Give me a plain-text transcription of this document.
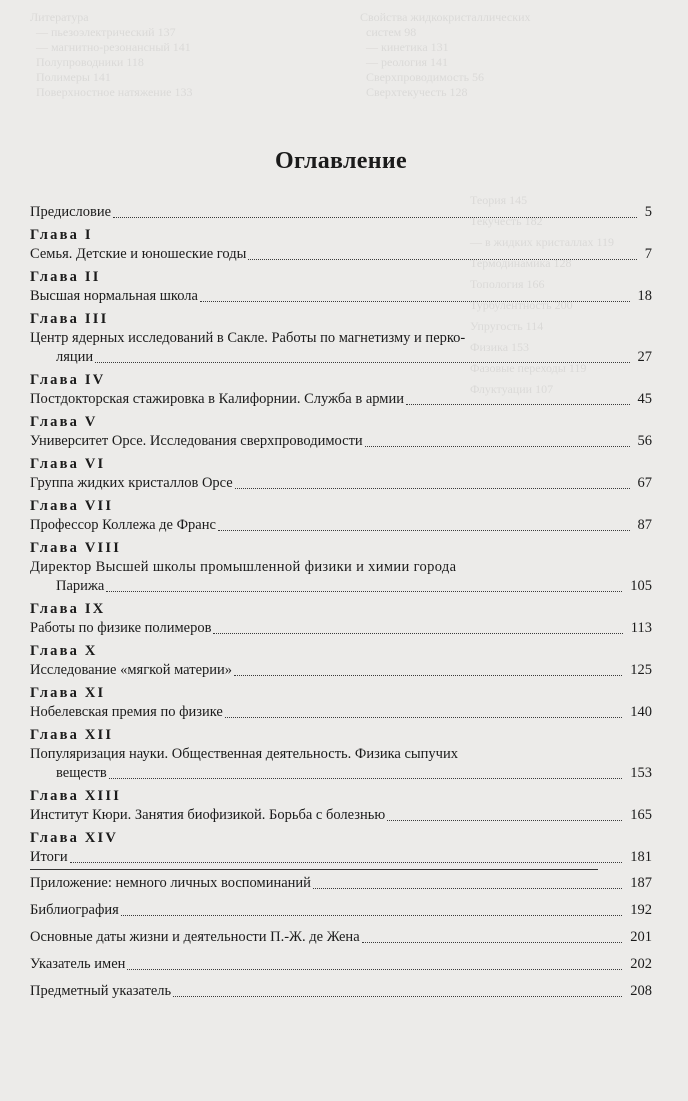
Литература
— пьезоэлектрический 137
— магнитно-резонансный 141
Полупроводники 118
Полимеры 141
Поверхностное натяжение 133
Свойства жидкокристаллических
систем 98
— кинетика 131
— реология 141
Сверхпроводимость 56
Сверхтекучесть 128
Теория 145
Текучесть 182
— в жидких кристаллах 119
Термодинамика 128
Топология 166
Турбулентность 200
Упругость 114
Физика 153
Фазовые переходы 119
Флуктуации 107
Оглавление
Предисловие	5
Глава I
Семья. Детские и юношеские годы	7
Глава II
Высшая нормальная школа	18
Глава III
Центр ядерных исследований в Сакле. Работы по магнетизму и перко-
ляции	27
Глава IV
Постдокторская стажировка в Калифорнии. Служба в армии	45
Глава V
Университет Орсе. Исследования сверхпроводимости	56
Глава VI
Группа жидких кристаллов Орсе	67
Глава VII
Профессор Коллежа де Франс	87
Глава VIII
Директор Высшей школы промышленной физики и химии города
Парижа	105
Глава IX
Работы по физике полимеров	113
Глава X
Исследование «мягкой материи»	125
Глава XI
Нобелевская премия по физике	140
Глава XII
Популяризация науки. Общественная деятельность. Физика сыпучих
веществ	153
Глава XIII
Институт Кюри. Занятия биофизикой. Борьба с болезнью	165
Глава XIV
Итоги	181
Приложение: немного личных воспоминаний	187
Библиография	192
Основные даты жизни и деятельности П.-Ж. де Жена	201
Указатель имен	202
Предметный указатель	208
